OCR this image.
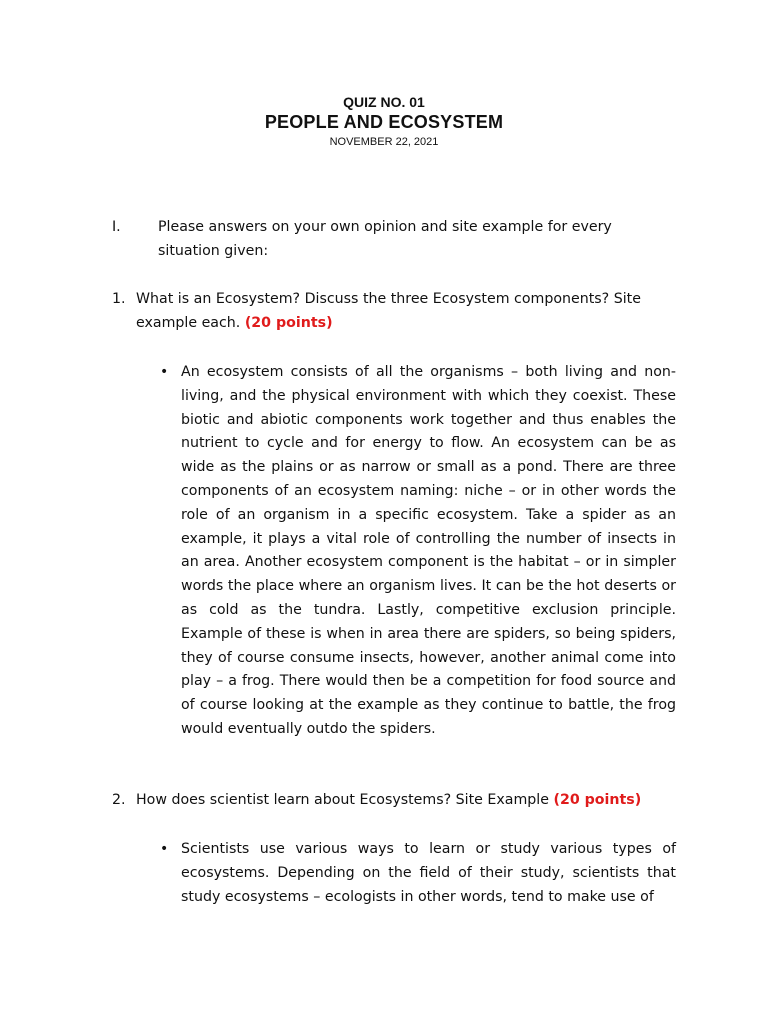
QUIZ NO. 01
PEOPLE AND ECOSYSTEM
NOVEMBER 22, 2021
I.	Please answers on your own opinion and site example for every situation given:
1. What is an Ecosystem? Discuss the three Ecosystem components? Site example each. (20 points)
• An ecosystem consists of all the organisms – both living and non-living, and the physical environment with which they coexist. These biotic and abiotic components work together and thus enables the nutrient to cycle and for energy to flow. An ecosystem can be as wide as the plains or as narrow or small as a pond. There are three components of an ecosystem naming: niche – or in other words the role of an organism in a specific ecosystem. Take a spider as an example, it plays a vital role of controlling the number of insects in an area. Another ecosystem component is the habitat – or in simpler words the place where an organism lives. It can be the hot deserts or as cold as the tundra. Lastly, competitive exclusion principle. Example of these is when in area there are spiders, so being spiders, they of course consume insects, however, another animal come into play – a frog. There would then be a competition for food source and of course looking at the example as they continue to battle, the frog would eventually outdo the spiders.
2. How does scientist learn about Ecosystems? Site Example (20 points)
• Scientists use various ways to learn or study various types of ecosystems. Depending on the field of their study, scientists that study ecosystems – ecologists in other words, tend to make use of
